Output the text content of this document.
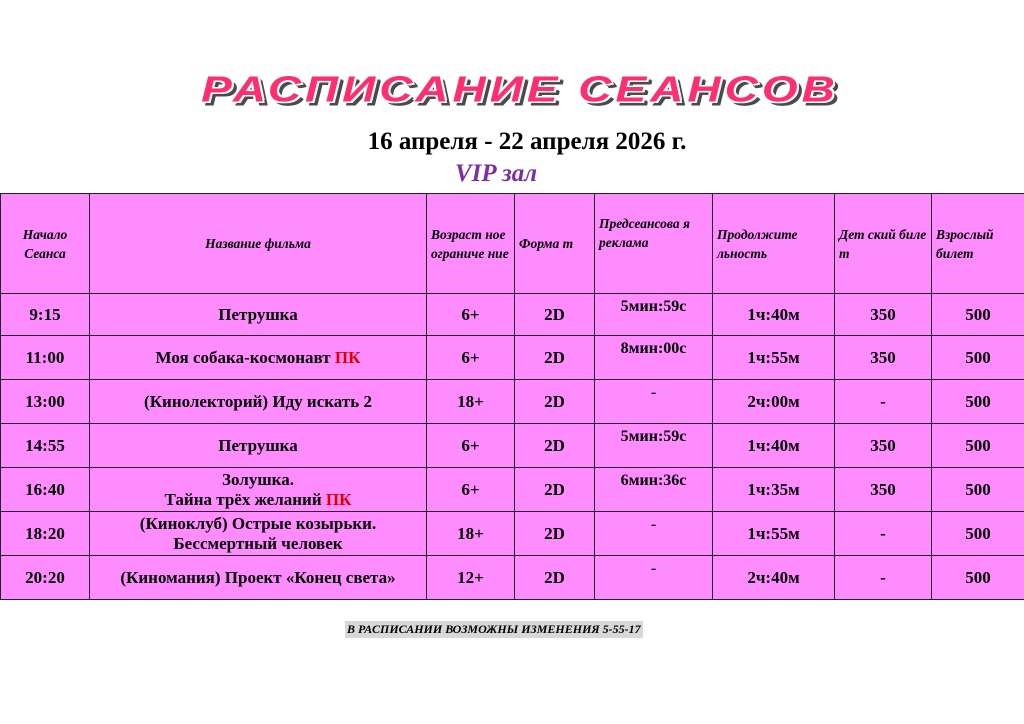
РАСПИСАНИЕ СЕАНСОВ
16 апреля - 22 апреля 2026 г.
VIP зал
Начало Сеанса	Название фильма	Возраст ное ограниче ние	Форма т	Предсеансова я реклама	Продолжите льность	Дет ский биле т	Взрослый билет
9:15	Петрушка	6+	2D	5мин:59с	1ч:40м	350	500
11:00	Моя собака-космонавт ПК	6+	2D	8мин:00с	1ч:55м	350	500
13:00	(Кинолекторий) Иду искать 2	18+	2D	-	2ч:00м	-	500
14:55	Петрушка	6+	2D	5мин:59с	1ч:40м	350	500
16:40	Золушка.
Тайна трёх желаний ПК	6+	2D	6мин:36с	1ч:35м	350	500
18:20	(Киноклуб) Острые козырьки.
Бессмертный человек	18+	2D	-	1ч:55м	-	500
20:20	(Киномания) Проект «Конец света»	12+	2D	-	2ч:40м	-	500
В РАСПИСАНИИ ВОЗМОЖНЫ ИЗМЕНЕНИЯ 5-55-17
